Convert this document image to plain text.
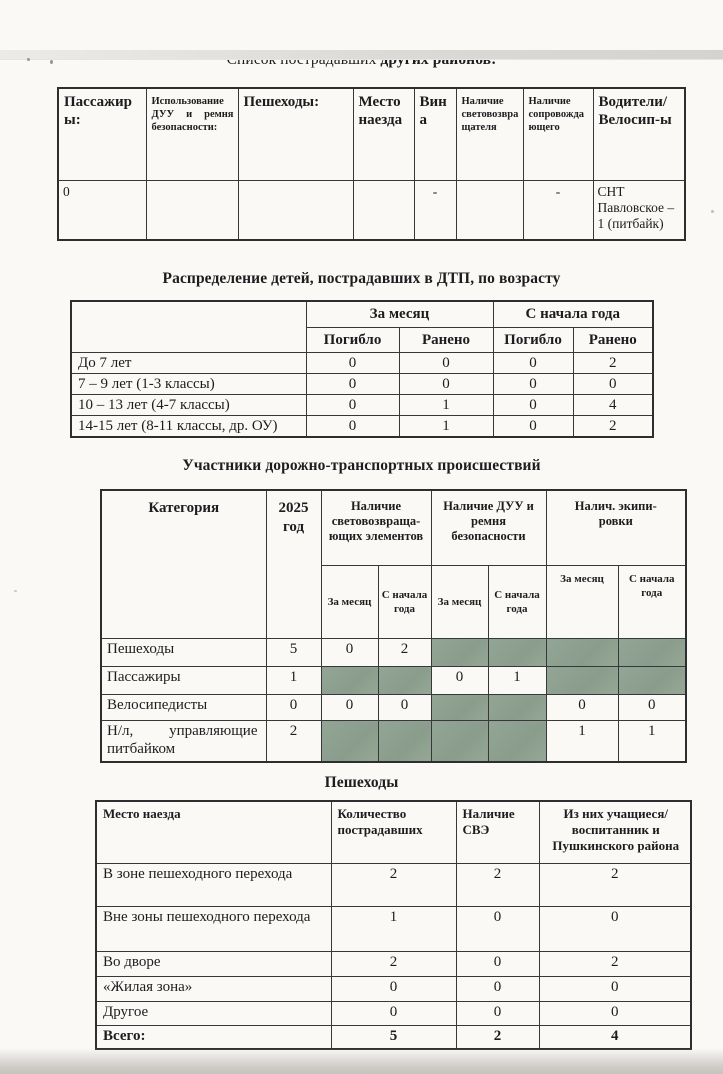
Пассажиры:	Использование ДУУ и ремня безопасности:	Пешеходы:	Место наезда	Вина	Наличие световозвращателя	Наличие сопровождающего	Водители/Велосип-ы
0				-		-	СНТ Павловское – 1 (питбайк)

Распределение детей, пострадавших в ДТП, по возрасту

	За месяц		С начала года	
	Погибло	Ранено	Погибло	Ранено
До 7 лет	0	0	0	2
7 – 9 лет (1-3 классы)	0	0	0	0
10 – 13 лет (4-7 классы)	0	1	0	4
14-15 лет (8-11 классы, др. ОУ)	0	1	0	2

Участники дорожно-транспортных происшествий

Категория	2025 год	Наличие световозвраща-ющих элементов		Наличие ДУУ и ремня безопасности		Налич. экипи-ровки	
		За месяц	С начала года	За месяц	С начала года	За месяц	С начала года
Пешеходы	5	0	2				
Пассажиры	1			0	1		
Велосипедисты	0	0	0			0	0
Н/л, управляющие питбайком	2					1	1

Пешеходы

Место наезда	Количество пострадавших	Наличие СВЭ	Из них учащиеся/воспитанник и Пушкинского района
В зоне пешеходного перехода	2	2	2
Вне зоны пешеходного перехода	1	0	0
Во дворе	2	0	2
«Жилая зона»	0	0	0
Другое	0	0	0
Всего:	5	2	4
